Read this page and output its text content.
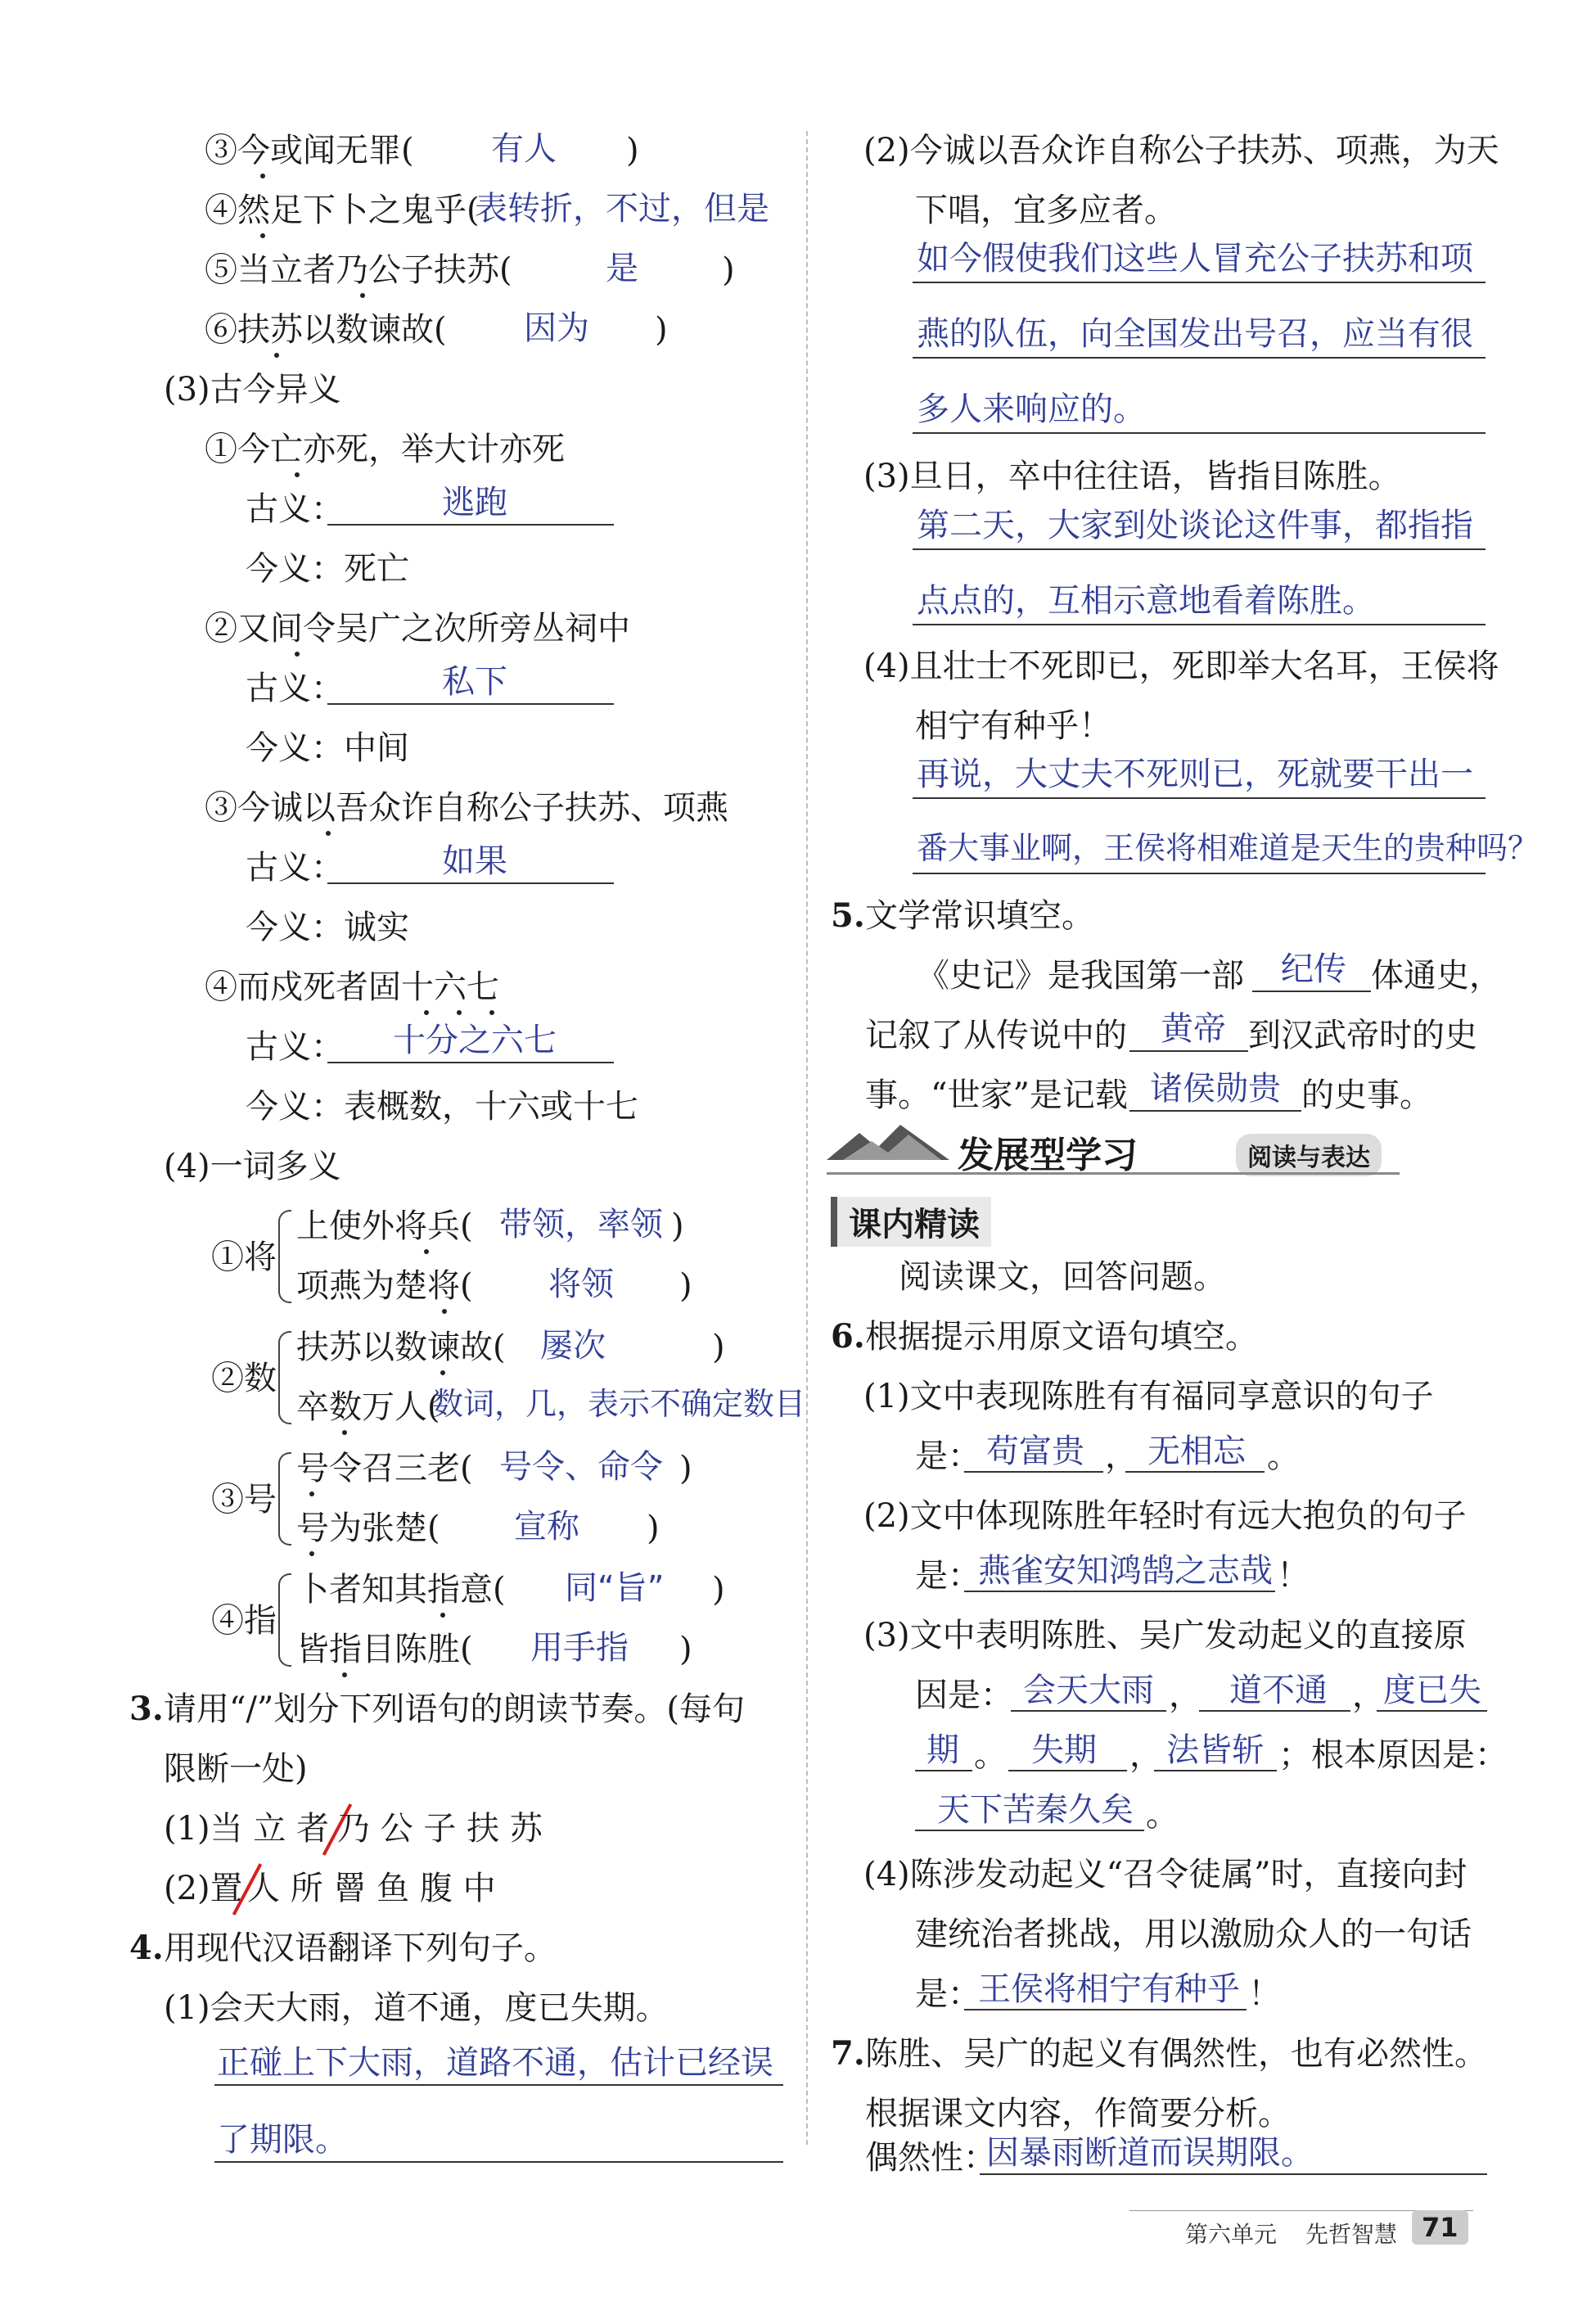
③今或闻无罪( 有人 )
④然足下卜之鬼乎(
表转折，不过，但是
⑤当立者乃公子扶苏(	是	)
⑥扶苏以数谏故( 因为 )
(3)古今异义
①今亡亦死，举大计亦死
古义：	逃跑
今义：死亡
②又间令吴广之次所旁丛祠中
古义：	私下
今义：中间
③今诚以吾众诈自称公子扶苏、项燕
古义：	如果
今义：诚实
④而戍死者固十六七
古义： 十分之六七
今义：表概数，十六或十七
(4)一词多义
①将
上使外将兵( 带领，率领 )
项燕为楚将( 将领 )
②数
扶苏以数谏故( 屡次	)
卒数万人(
数词，几，表示不确定数目
③号
号令召三老( 号令、命令 )
号为张楚( 宣称 )
④指
卜者知其指意( 同“旨” )
皆指目陈胜( 用手指 )
3. 请用“/”划分下列语句的朗读节奏。(每句
限断一处)
(1)当 立 者 乃 公 子 扶 苏
(2)置 人 所 罾 鱼 腹 中
4. 用现代汉语翻译下列句子。
(1)会天大雨，道不通，度已失期。
正碰上下大雨，道路不通，估计已经误
了期限。
(2)今诚以吾众诈自称公子扶苏、项燕，为天
下唱，宜多应者。
如今假使我们这些人冒充公子扶苏和项
燕的队伍，向全国发出号召，应当有很
多人来响应的。
(3)旦日，卒中往往语，皆指目陈胜。
第二天，大家到处谈论这件事，都指指
点点的，互相示意地看着陈胜。
(4)且壮士不死即已，死即举大名耳，王侯将
相宁有种乎！
再说，大丈夫不死则已，死就要干出一
番大事业啊，王侯将相难道是天生的贵种吗？
5. 文学常识填空。
《史记》是我国第一部 纪传 体通史，
记叙了从传说中的 黄帝 到汉武帝时的史
事。“世家”是记载 诸侯勋贵 的史事。
发展型学习	阅读与表达
课内精读
阅读课文，回答问题。
6. 根据提示用原文语句填空。
(1)文中表现陈胜有有福同享意识的句子
是： 苟富贵 ， 无相忘 。
(2)文中体现陈胜年轻时有远大抱负的句子
是：
燕雀安知鸿鹄之志哉 ！
(3)文中表明陈胜、吴广发动起义的直接原
因是： 会天大雨 ， 道不通 ，
度已失
期 。 失期 ， 法皆斩 ；根本原因是：
天下苦秦久矣 。
(4)陈涉发动起义“召令徒属”时，直接向封
建统治者挑战，用以激励众人的一句话
是：
王侯将相宁有种乎 ！
7. 陈胜、吴广的起义有偶然性，也有必然性。
根据课文内容，作简要分析。
偶然性：
因暴雨断道而误期限。
第六单元 先哲智慧 71
